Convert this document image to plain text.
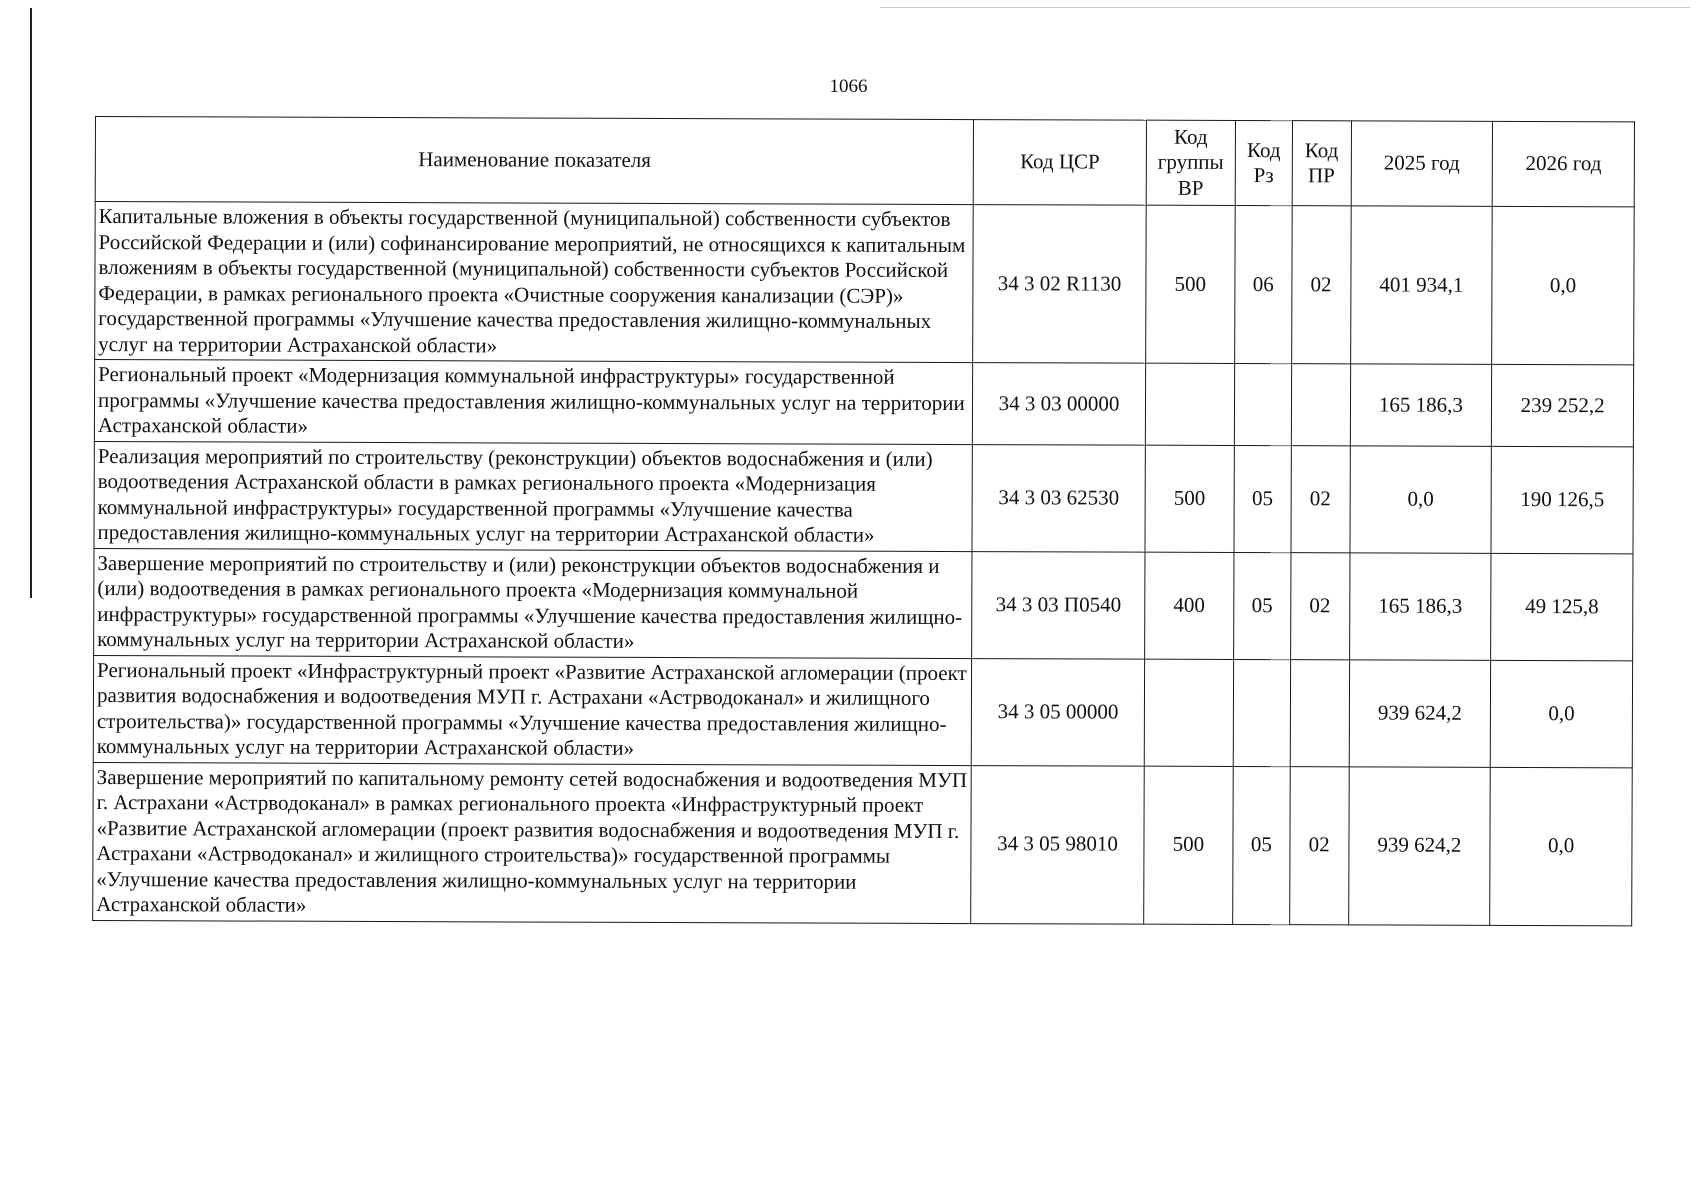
1066
Наименование показателя	Код ЦСР	Код группы ВР	Код Рз	Код ПР	2025 год	2026 год
Капитальные вложения в объекты государственной (муниципальной) собственности субъектов Российской Федерации и (или) софинансирование мероприятий, не относящихся к капитальным вложениям в объекты государственной (муниципальной) собственности субъектов Российской Федерации, в рамках регионального проекта «Очистные сооружения канализации (СЭР)» государственной программы «Улучшение качества предоставления жилищно-коммунальных услуг на территории Астраханской области»	34 3 02 R1130	500	06	02	401 934,1	0,0
Региональный проект «Модернизация коммунальной инфраструктуры» государственной программы «Улучшение качества предоставления жилищно-коммунальных услуг на территории Астраханской области»	34 3 03 00000				165 186,3	239 252,2
Реализация мероприятий по строительству (реконструкции) объектов водоснабжения и (или) водоотведения Астраханской области в рамках регионального проекта «Модернизация коммунальной инфраструктуры» государственной программы «Улучшение качества предоставления жилищно-коммунальных услуг на территории Астраханской области»	34 3 03 62530	500	05	02	0,0	190 126,5
Завершение мероприятий по строительству и (или) реконструкции объектов водоснабжения и (или) водоотведения в рамках регионального проекта «Модернизация коммунальной инфраструктуры» государственной программы «Улучшение качества предоставления жилищно-коммунальных услуг на территории Астраханской области»	34 3 03 П0540	400	05	02	165 186,3	49 125,8
Региональный проект «Инфраструктурный проект «Развитие Астраханской агломерации (проект развития водоснабжения и водоотведения МУП г. Астрахани «Астрводоканал» и жилищного строительства)» государственной программы «Улучшение качества предоставления жилищно-коммунальных услуг на территории Астраханской области»	34 3 05 00000				939 624,2	0,0
Завершение мероприятий по капитальному ремонту сетей водоснабжения и водоотведения МУП г. Астрахани «Астрводоканал» в рамках регионального проекта «Инфраструктурный проект «Развитие Астраханской агломерации (проект развития водоснабжения и водоотведения МУП г. Астрахани «Астрводоканал» и жилищного строительства)» государственной программы «Улучшение качества предоставления жилищно-коммунальных услуг на территории Астраханской области»	34 3 05 98010	500	05	02	939 624,2	0,0
